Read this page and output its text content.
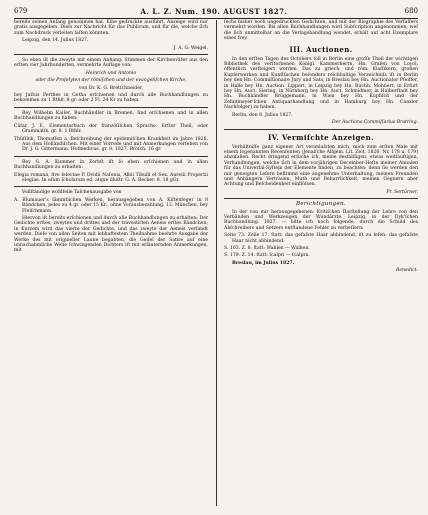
679	A. L. Z. Num. 190. AUGUST 1827.	680

bereits seinen Anfang genommen hat. Eine gedruckte ausführl. Anzeige wird nur gratis ausgegeben. Dieſs zur Nachricht für das Publicum, und für die, welche ſich zum Nachdruck verleiten laſſen könnten.

Leipzig, den 14. Julius 1827.

J. A. G. Weigel.

So eben iſt die zweyte mit einem Anhang: Stimmen der Kirchenväter aus den erſten vier Jahrhunderten, vermehrte Auflage von:

Heinrich und Antonio

oder die Proſelyten der römiſchen und der evangeliſchen Kirche,

von Dr. K. G. Bretſchneider,

bey Juſtus Perthes in Gotha erſchienen und durch alle Buchhandlungen zu bekommen zu 1 Rthlr. 8 gr. oder 2 Fl. 24 Kr zu haben.

Bey Wilhelm Kaiſer, Buchhändler in Bremen, ſind erſchienen und in allen Buchhandlungen zu haben:

Cäſar, J. F., Elementarbuch der franzöſiſchen Sprache. Erſter Theil, oder Grammatik. gr. 8. 1 Rthlr.

Thüſſink, Thomaſſen a, Beſchreibung der epidemiſchen Krankheit im Jahre 1826. Aus dem Holländiſchen. Mit einer Vorrede und mit Anmerkungen verſehen von Dr. J. G. Gittermann, Hofmedicus. gr. 8. 1827. Broſch. 16 gr.

Bey G. A. Kummer in Zerbſt iſt ſo eben erſchienen und in allen Buchhandlungen zu erhalten:

Elegia romana, five ſelectae P. Ovidii Naſonis, Albii Tibulli et Sex. Aurelii Propertii elegiae. In uſum ſcholarum ed. atque illuſtr. G. A. Becker. 8. 18 gGr.

Vollſtändige wohlfeile Taſchenausgabe von

A. Blumauer's ſämmtlichen Werken, herausgegeben von A. Kiſtenfeger in 8 Bändchen, jedes zu 4 gr. oder 15 Kr., ohne Vorausbezahlung. 12. München, bey Fleiſchmann.

Hiervon iſt bereits erſchienen und durch alle Buchhandlungen zu erhalten: Der Gedichte erſtes, zweytes und drittes und der travestirten Aeneis erſtes Bändchen; in Kurzem wird das vierte der Gedichte, und das zweyte der Aeneis verſandt werden. Dieſe von allen Seiten mit lebhaftestem Theilnahme beehrte Ausgabe der Werke des mit origineller Laune begabten, die Geiſel der Satire auf eine unnachahmliche Weiſe ſchwingenden Dichters iſt mit erläuternden Anmerkungen, mit

ſechs bisher noch ungedruckten Gedichten, und mit der Biographie des Verfaſſers vermehrt worden. Bis allen Buchhandlungen wird Subſcription angenommen; weſ die ſich unmittelbar an die Verlagshandlung wendet, erhält auf acht Exemplare eines frey.

III. Auctionen.

In den erſten Tagen des Octobers ſoll in Berlin eine groſſe Theil der wichtigen Bibliothek des verſtorbenen Königl. Kammerherrn, Hn. Grafen von Loyol, öffentlich verſteigert werden. Das zu griech. und röm. Klaſſikern, großen Kupferwerken und Kunſtſachen beſonders reichhaltige Verzeichniſs iſt in Berlin bey den Hn. Commiſſionaire Jury und Sats, in Breslau bey Hn. Auctionator Pfeiffer, in Halle bey Hn. Auction. Lippert, in Leipzig bey Hn. Buchh. Mohnert, in Erfurt bey Hn. Auct. Siering, in Nürnberg bey Hn. Auct. Schmidmer, in Halberſtadt bey Hn. Buchhändler Brüggemann, in Wien bey Hn. Kupfiſch und der Zehntmeyer'ſchen Antiquarhandlung und in Hamburg bey Hn. Canzler Nachſolger) zu haben.

Berlin, den 8. Julius 1827.

Der Auctions-Commiſſarius Bratring.

IV. Vermiſchte Anzeigen.

Verhältniſſe ganz eigener Art veranlaſsten mich, mich zum erſten Male mit einem fogenannten Recenſenten (Jenaiſche Allgem. Lit. Zeit. 1826. Nr. 178 u. 179) abzufallen. Recht dringend erſuche ich, meine desfallſigen, etwas weitläuftigen, Verhandlungen, welche ſich in dem vorjährigen December-Hefte meiner Annalen für das Univerſal-Syſtem der Elemente finden, zu beachten: denn ſie werden den mir geneigten Leſern beſtimmt eine angenehme Unterhaltung, meinen Freunden und Anhängern Vertrauen, Muth und Beharrlichkeit, meinen Gegnern aber Achtung und Beſcheidenheit einflöſsen.

Pr. Sertürner.

Berichtigungen.

In der von mir herausgegebenen: Kritiſchen Darſtellung der Lehre von den Verbänden und Werkzeugen der Wundärzte. Leipzig, in der Dyk'ſchen Buchhandlung. 1827. — bitte ich noch folgende, durch die Schuld des Abſchreibers und Setzers entſtandene Fehler zu verbeſſern:

Seite 73. Zeile 17. ſtatt: das gefaſste Haar abbindend, iſt zu leſen: das gefaſste Haar nicht abbindend.

S. 103. Z. 8. ſtatt: Wahlen — Walhen.

S. 179. Z. 14. ſtatt: ſcalpri — ſcalpra.

Breslau, im Julius 1827.

Benedict.
